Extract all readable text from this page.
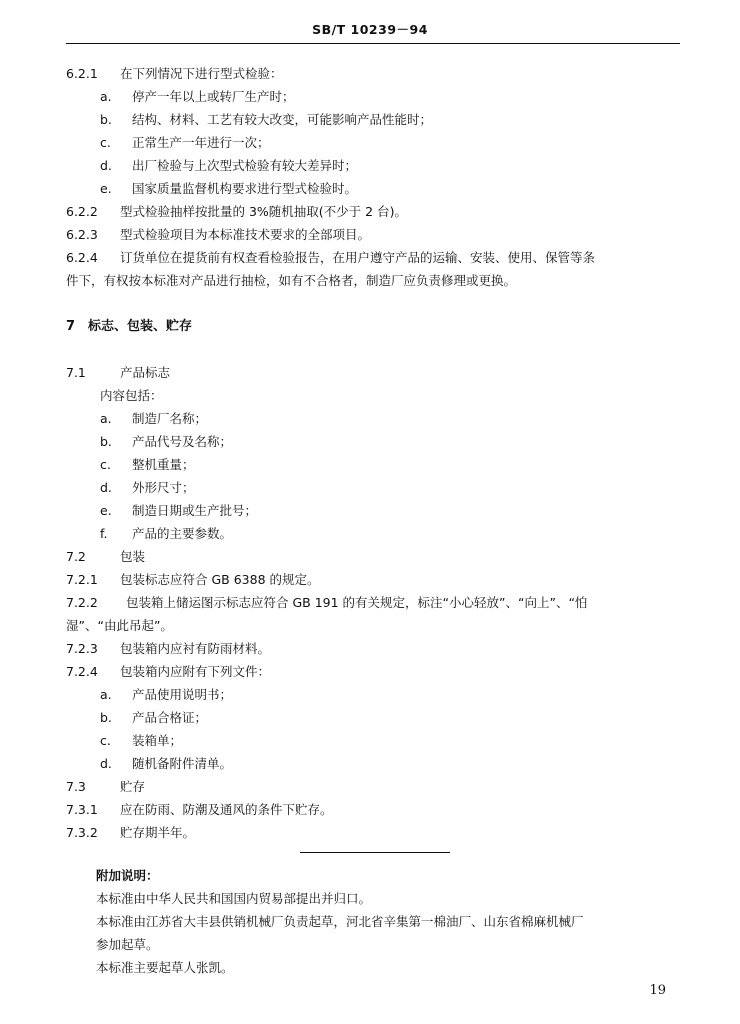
SB/T 10239－94
6.2.1 在下列情况下进行型式检验：
a. 停产一年以上或转厂生产时；
b. 结构、材料、工艺有较大改变，可能影响产品性能时；
c. 正常生产一年进行一次；
d. 出厂检验与上次型式检验有较大差异时；
e. 国家质量监督机构要求进行型式检验时。
6.2.2 型式检验抽样按批量的 3%随机抽取(不少于 2 台)。
6.2.3 型式检验项目为本标准技术要求的全部项目。
6.2.4 订货单位在提货前有权查看检验报告，在用户遵守产品的运输、安装、使用、保管等条
件下，有权按本标准对产品进行抽检，如有不合格者，制造厂应负责修理或更换。
7 标志、包装、贮存
7.1	产品标志
内容包括：
a. 制造厂名称；
b. 产品代号及名称；
c. 整机重量；
d. 外形尺寸；
e. 制造日期或生产批号；
f. 产品的主要参数。
7.2	包装
7.2.1 包装标志应符合 GB 6388 的规定。
7.2.2 包装箱上储运图示标志应符合 GB 191 的有关规定，标注“小心轻放”、“向上”、“怕
湿”、“由此吊起”。
7.2.3 包装箱内应衬有防雨材料。
7.2.4 包装箱内应附有下列文件：
a. 产品使用说明书；
b. 产品合格证；
c. 装箱单；
d. 随机备附件清单。
7.3	贮存
7.3.1 应在防雨、防潮及通风的条件下贮存。
7.3.2 贮存期半年。
附加说明：
本标准由中华人民共和国国内贸易部提出并归口。
本标准由江苏省大丰县供销机械厂负责起草，河北省辛集第一棉油厂、山东省棉麻机械厂
参加起草。
本标准主要起草人张凯。
19
